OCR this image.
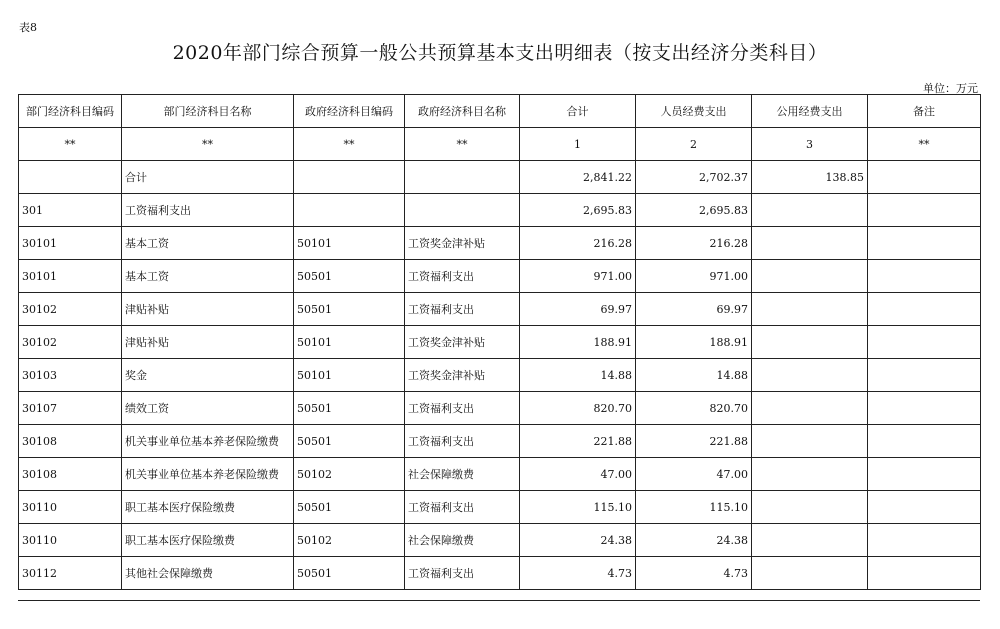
表8
2020年部门综合预算一般公共预算基本支出明细表（按支出经济分类科目）
单位：万元
部门经济科目编码	部门经济科目名称	政府经济科目编码	政府经济科目名称	合计	人员经费支出	公用经费支出	备注
**	**	**	**	1	2	3	**
	合计			2,841.22	2,702.37	138.85	
301	工资福利支出			2,695.83	2,695.83		
30101	基本工资	50101	工资奖金津补贴	216.28	216.28		
30101	基本工资	50501	工资福利支出	971.00	971.00		
30102	津贴补贴	50501	工资福利支出	69.97	69.97		
30102	津贴补贴	50101	工资奖金津补贴	188.91	188.91		
30103	奖金	50101	工资奖金津补贴	14.88	14.88		
30107	绩效工资	50501	工资福利支出	820.70	820.70		
30108	机关事业单位基本养老保险缴费	50501	工资福利支出	221.88	221.88		
30108	机关事业单位基本养老保险缴费	50102	社会保障缴费	47.00	47.00		
30110	职工基本医疗保险缴费	50501	工资福利支出	115.10	115.10		
30110	职工基本医疗保险缴费	50102	社会保障缴费	24.38	24.38		
30112	其他社会保障缴费	50501	工资福利支出	4.73	4.73		
